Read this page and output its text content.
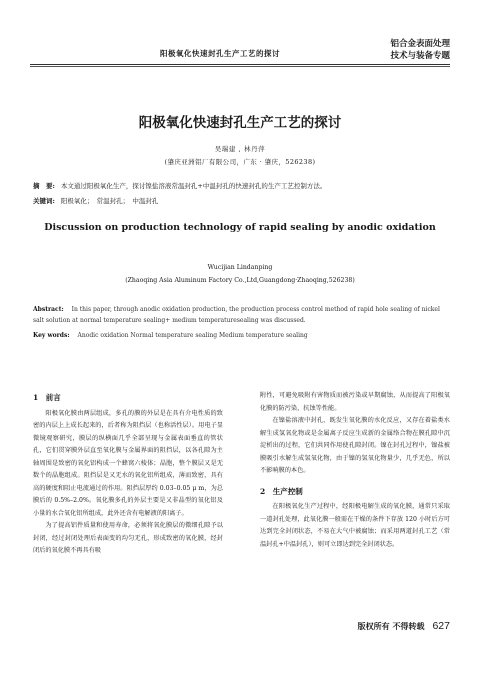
阳极氧化快速封孔生产工艺的探讨
铝合金表面处理
技术与装备专题
阳极氧化快速封孔生产工艺的探讨
吴瑞建 , 林丹萍
(肇庆亚洲铝厂有限公司，广东 · 肇庆，526238)
摘　要: 本文通过阳极氧化生产，探讨镍盐溶液常温封孔+中温封孔的快速封孔的生产工艺控制方法。
关键词: 阳极氧化；　常温封孔；　中温封孔
Discussion on production technology of rapid sealing by anodic oxidation
Wucijian Lindanping
(Zhaoqing Asia Aluminum Factory Co.,Ltd,Guangdong·Zhaoqing,526238)
Abstract: In this paper, through anodic oxidation production, the production process control method of rapid hole sealing of nickel salt solution at normal temperature sealing+ medium temperaturesealing was discussed.
Key words: Anodic oxidation Normal temperature sealing Medium temperature sealing
1　前言

阳极氧化膜由两层组成，多孔的膜的外层是在具有介电性质的致密的内层上上成长起来的，后者称为阻挡层（也称活性层）。用电子显微镜观察研究，膜层的纵横面几乎全部呈现与金属表面垂直的管状孔，它们贯穿膜外层直至氧化膜与金属界面的阻挡层，以各孔隙为主轴周围是致密的氧化铝构成一个蜂窝六棱体；晶胞，整个膜层又是无数个的晶胞组成。阻挡层是又无水的氧化铝所组成，薄而致密，具有高的硬度和阻止电流通过的作用。阻挡层厚约 0.03–0.05 μ m，为总膜后的 0.5%–2.0%。氧化膜多孔的外层主要是又非晶型的氧化铝及小量的水合氧化铝所组成，此外还含有电解液的阳离子。

为了提高铝件质量和使用寿命，必须将氧化膜层的微细孔隙予以封闭，经过封闭处理后表面变的均匀无孔，形成致密的氧化膜，经封闭后的氧化膜不再具有吸

附性，可避免吸附有害物质而被污染或早期腐蚀，从而提高了阳极氧化膜的防污染，抗蚀等性能。

在镍盐溶液中封孔，既发生氧化膜的水化反应，又存在着盐类水解生成氢氧化物或是金属离子反应生成新的金属络合物在膜孔隙中沉淀析出的过程，它们共同作用使孔隙封闭。镍在封孔过程中，镍盐被膜吸引水解生成氢氧化物，由于镍的氢氧化物量少，几乎无色，所以不影响膜的本色。

2　生产控制

在阳极氧化生产过程中，经阳极电解生成的氧化膜，通常只采取一道封孔处理，此氧化膜一般需在干燥的条件下存放 120 小时后方可达到完全封闭状态，不易在大气中被腐蚀；而采用两道封孔工艺（常温封孔+中温封孔），则可立即达到完全封闭状态。

版权所有 不得转载 627
